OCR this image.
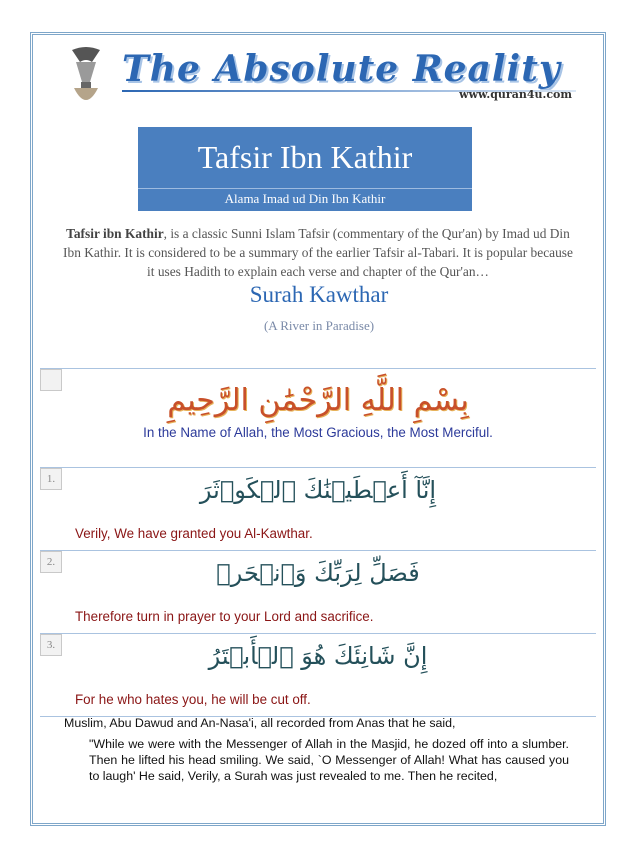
The Absolute Reality
www.quran4u.com
Tafsir Ibn Kathir
Alama Imad ud Din Ibn Kathir
Tafsir ibn Kathir, is a classic Sunni Islam Tafsir (commentary of the Qur'an) by Imad ud Din Ibn Kathir. It is considered to be a summary of the earlier Tafsir al-Tabari. It is popular because it uses Hadith to explain each verse and chapter of the Qur'an…
Surah Kawthar
(A River in Paradise)
بِسْمِ اللَّهِ الرَّحْمَٰنِ الرَّحِيمِ
In the Name of Allah, the Most Gracious, the Most Merciful.
1.	إِنَّآ أَعۡطَيۡنَٰكَ ٱلۡكَوۡثَرَ
Verily, We have granted you Al-Kawthar.
2.	فَصَلِّ لِرَبِّكَ وَٱنۡحَرۡ
Therefore turn in prayer to your Lord and sacrifice.
3.	إِنَّ شَانِئَكَ هُوَ ٱلۡأَبۡتَرُ
For he who hates you, he will be cut off.
Muslim, Abu Dawud and An-Nasa'i, all recorded from Anas that he said,
"While we were with the Messenger of Allah in the Masjid, he dozed off into a slumber. Then he lifted his head smiling. We said, `O Messenger of Allah! What has caused you to laugh' He said, Verily, a Surah was just revealed to me. Then he recited,
